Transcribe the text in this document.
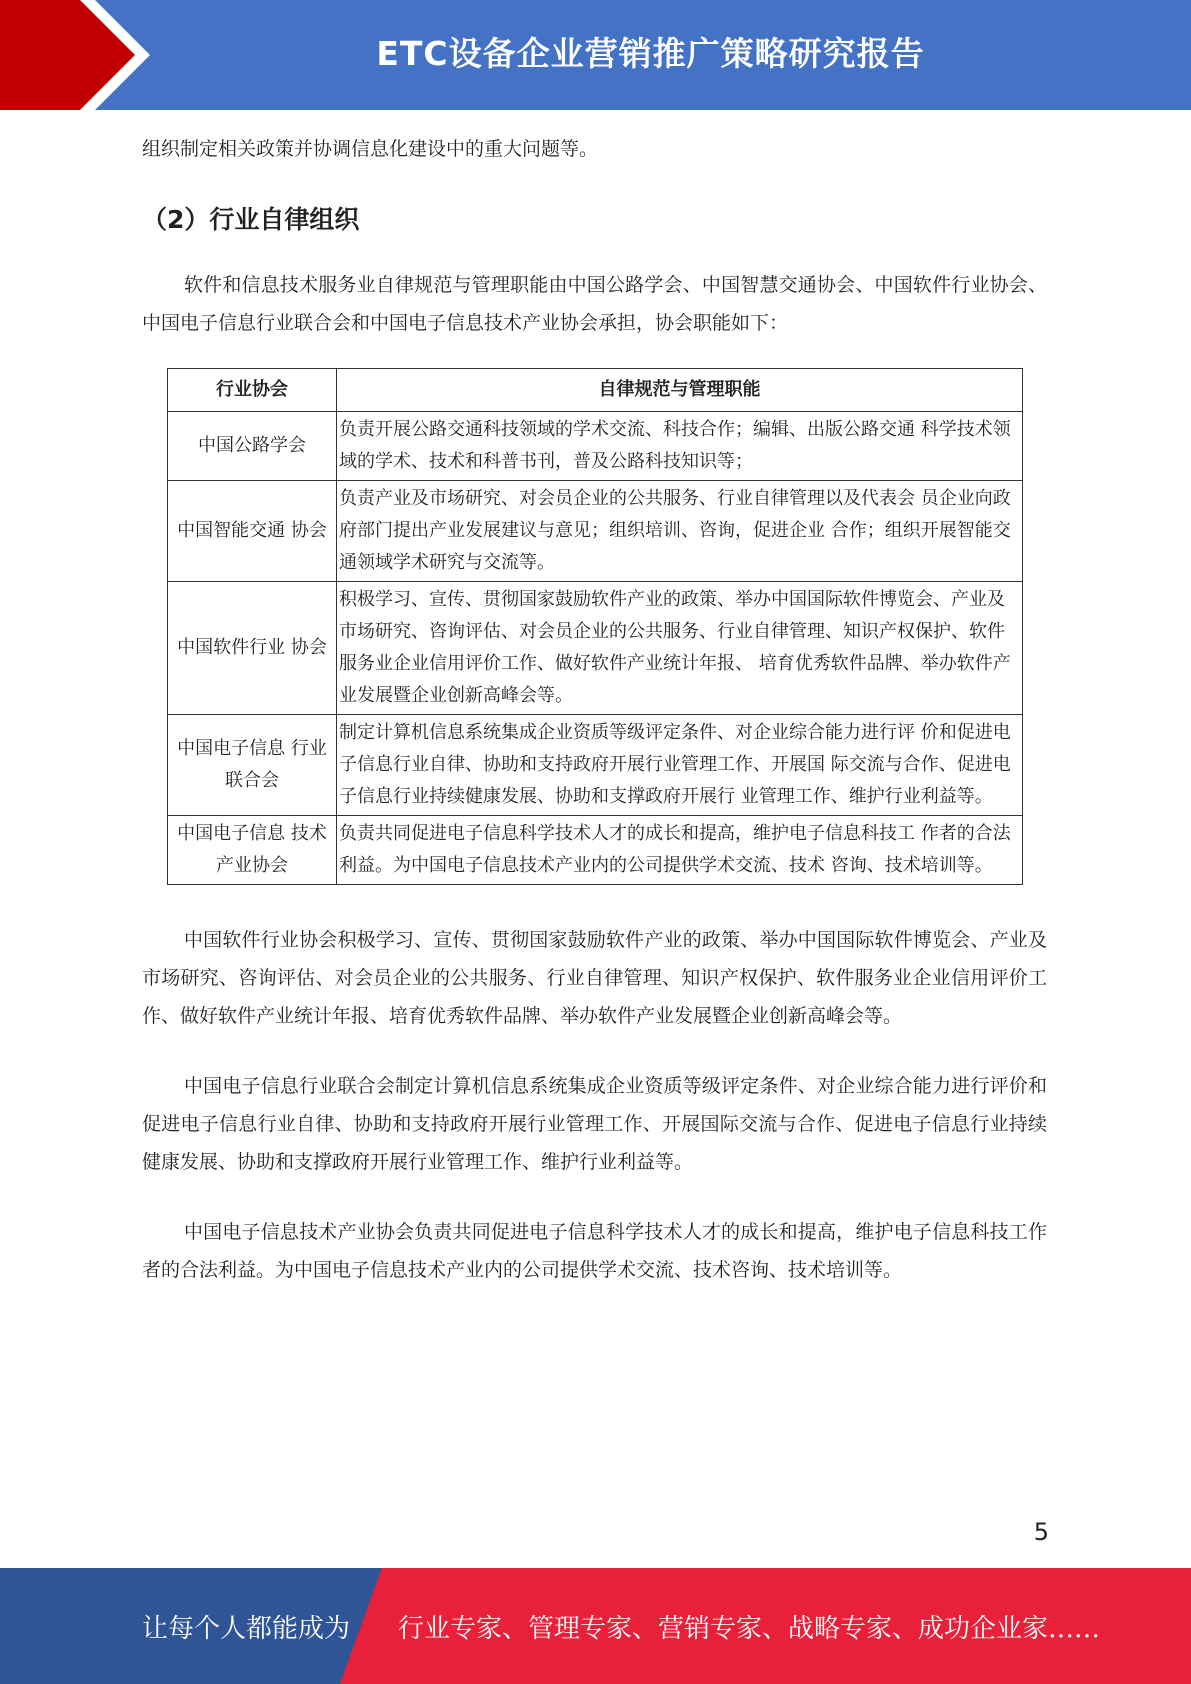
ETC设备企业营销推广策略研究报告

组织制定相关政策并协调信息化建设中的重大问题等。

（2）行业自律组织

软件和信息技术服务业自律规范与管理职能由中国公路学会、中国智慧交通协会、中国软件行业协会、中国电子信息行业联合会和中国电子信息技术产业协会承担，协会职能如下：

行业协会	自律规范与管理职能
中国公路学会	负责开展公路交通科技领域的学术交流、科技合作；编辑、出版公路交通 科学技术领域的学术、技术和科普书刊，普及公路科技知识等；
中国智能交通 协会	负责产业及市场研究、对会员企业的公共服务、行业自律管理以及代表会 员企业向政府部门提出产业发展建议与意见；组织培训、咨询，促进企业 合作；组织开展智能交通领域学术研究与交流等。
中国软件行业 协会	积极学习、宣传、贯彻国家鼓励软件产业的政策、举办中国国际软件博览会、产业及市场研究、咨询评估、对会员企业的公共服务、行业自律管理、知识产权保护、软件服务业企业信用评价工作、做好软件产业统计年报、 培育优秀软件品牌、举办软件产业发展暨企业创新高峰会等。
中国电子信息 行业联合会	制定计算机信息系统集成企业资质等级评定条件、对企业综合能力进行评 价和促进电子信息行业自律、协助和支持政府开展行业管理工作、开展国 际交流与合作、促进电子信息行业持续健康发展、协助和支撑政府开展行 业管理工作、维护行业利益等。
中国电子信息 技术产业协会	负责共同促进电子信息科学技术人才的成长和提高，维护电子信息科技工 作者的合法利益。为中国电子信息技术产业内的公司提供学术交流、技术 咨询、技术培训等。

中国软件行业协会积极学习、宣传、贯彻国家鼓励软件产业的政策、举办中国国际软件博览会、产业及市场研究、咨询评估、对会员企业的公共服务、行业自律管理、知识产权保护、软件服务业企业信用评价工作、做好软件产业统计年报、培育优秀软件品牌、举办软件产业发展暨企业创新高峰会等。

中国电子信息行业联合会制定计算机信息系统集成企业资质等级评定条件、对企业综合能力进行评价和促进电子信息行业自律、协助和支持政府开展行业管理工作、开展国际交流与合作、促进电子信息行业持续健康发展、协助和支撑政府开展行业管理工作、维护行业利益等。

中国电子信息技术产业协会负责共同促进电子信息科学技术人才的成长和提高，维护电子信息科技工作者的合法利益。为中国电子信息技术产业内的公司提供学术交流、技术咨询、技术培训等。

5
让每个人都能成为 行业专家、管理专家、营销专家、战略专家、成功企业家……
